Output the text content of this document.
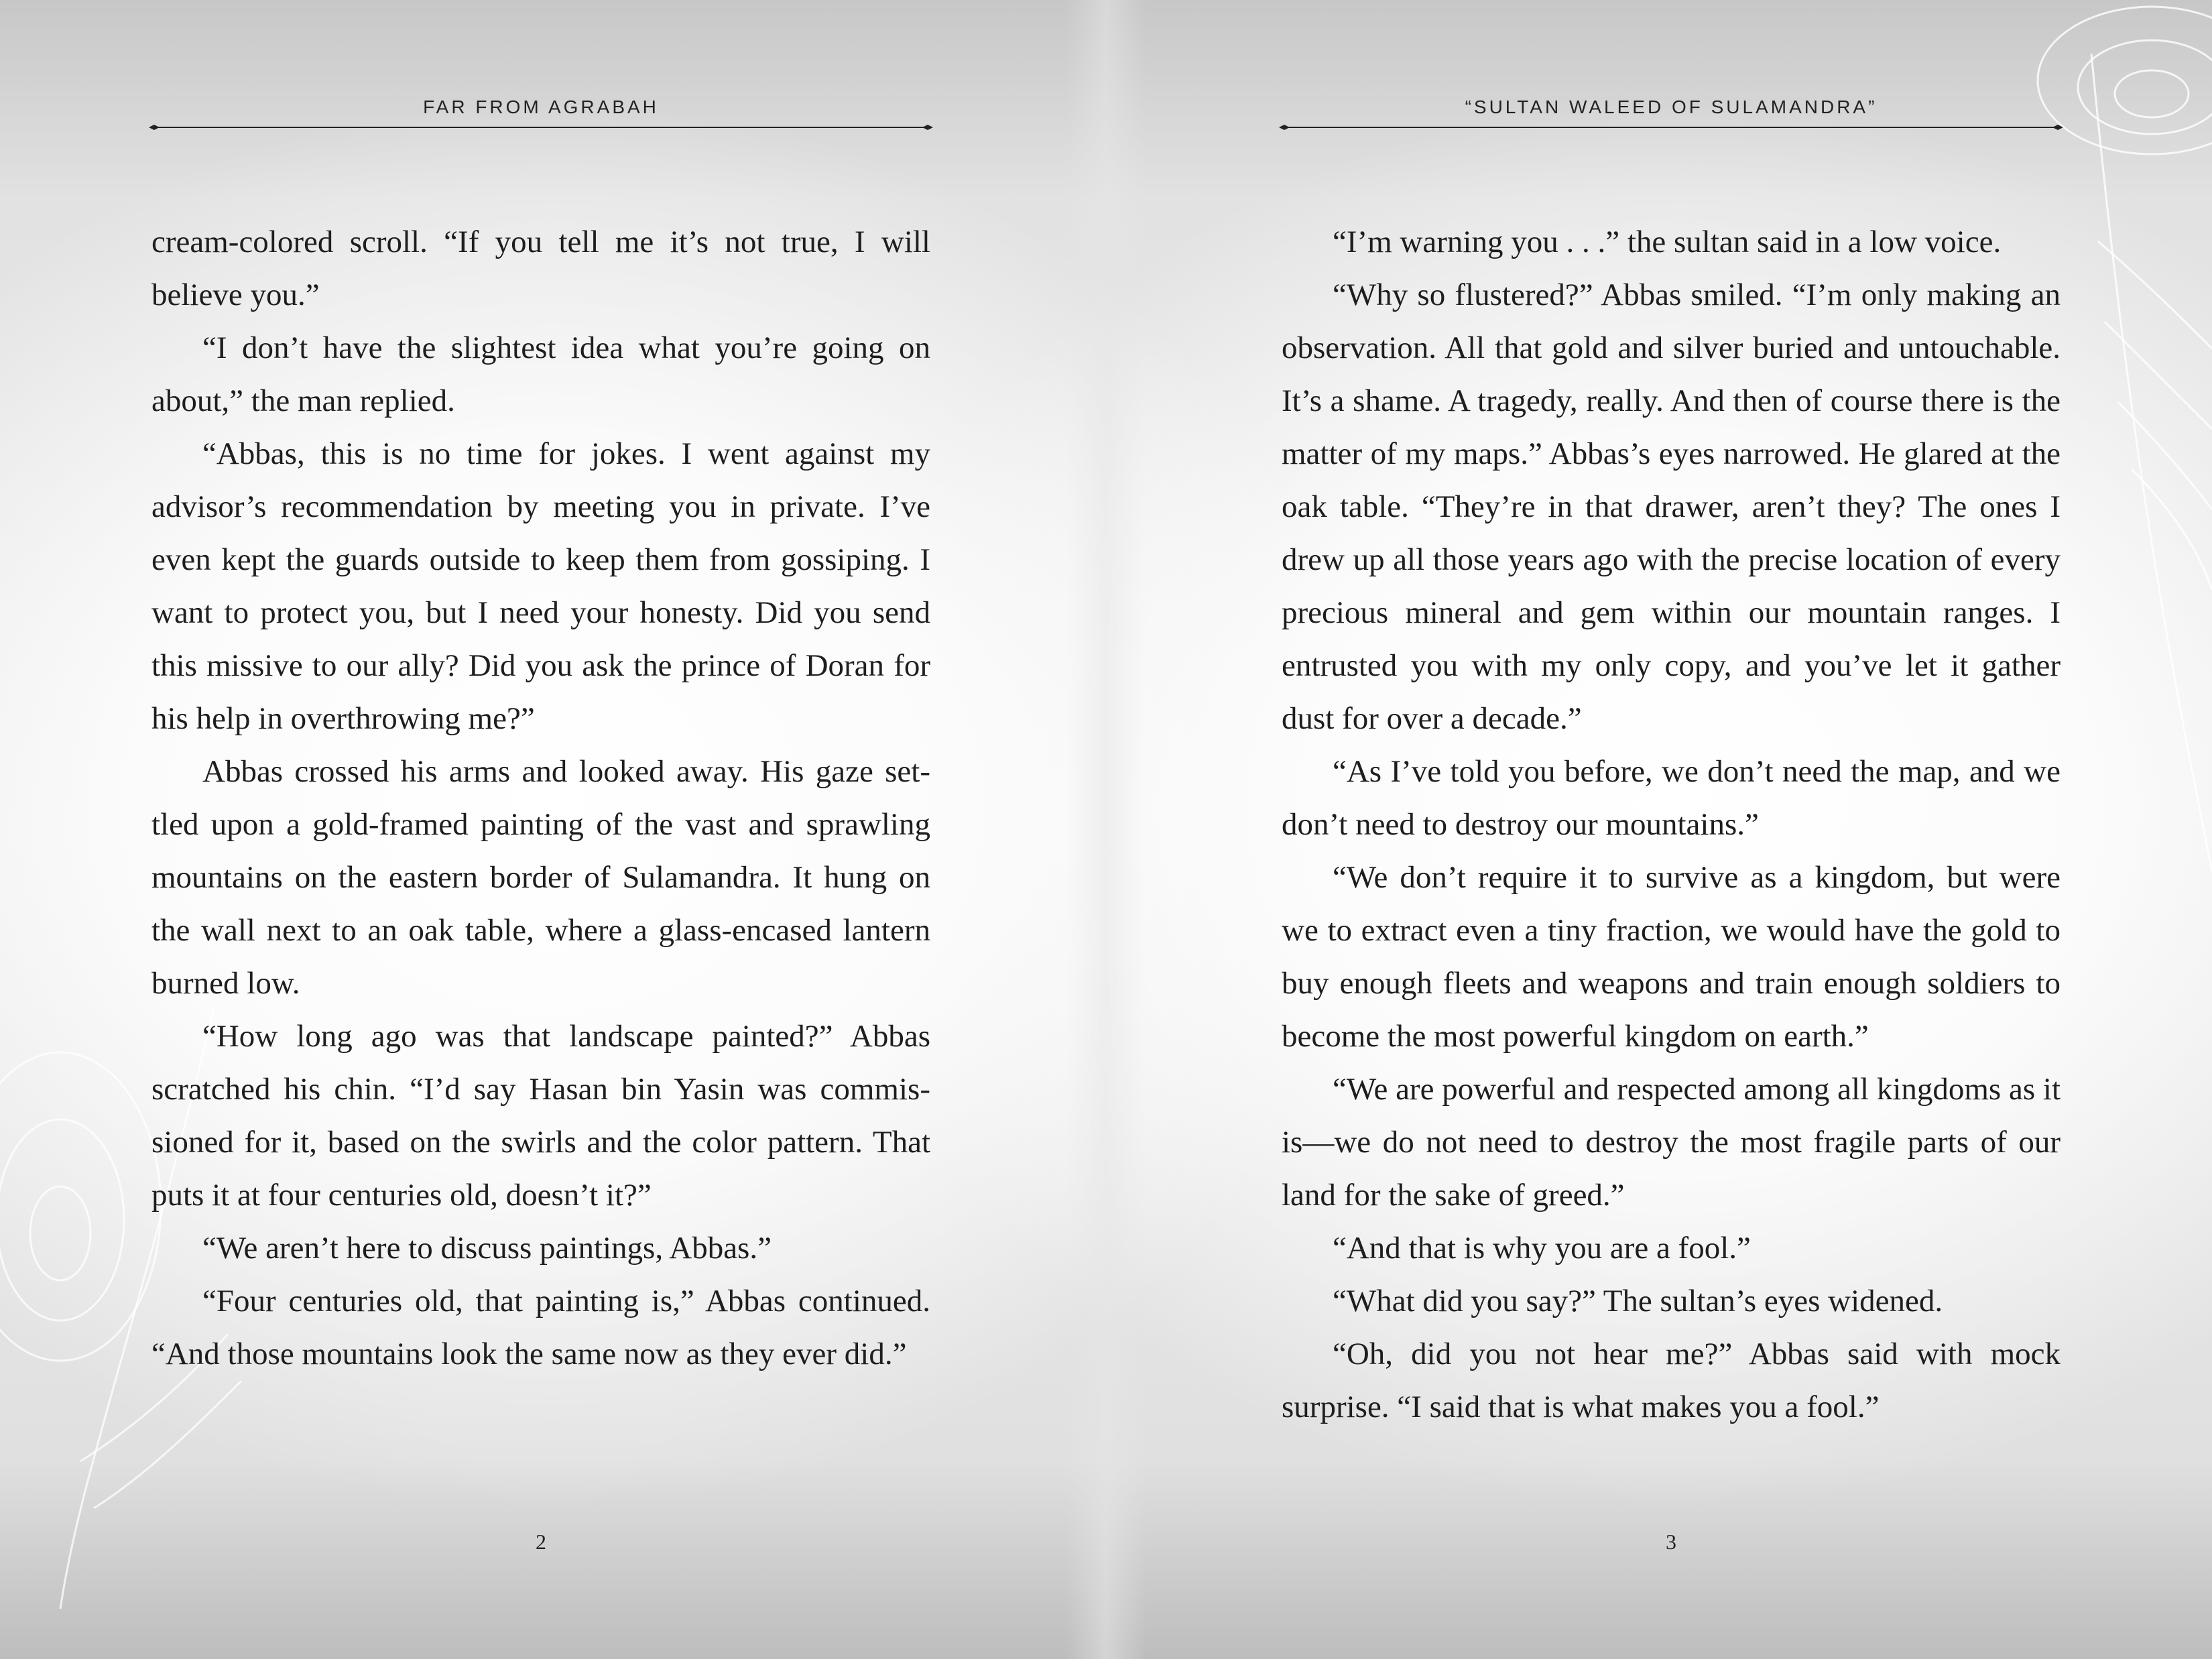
FAR FROM AGRABAH

cream-colored scroll. “If you tell me it’s not true, I will believe you.”

“I don’t have the slightest idea what you’re going on about,” the man replied.

“Abbas, this is no time for jokes. I went against my advisor’s recommendation by meeting you in private. I’ve even kept the guards outside to keep them from gossiping. I want to protect you, but I need your honesty. Did you send this missive to our ally? Did you ask the prince of Doran for his help in overthrowing me?”

Abbas crossed his arms and looked away. His gaze settled upon a gold-framed painting of the vast and sprawling mountains on the eastern border of Sulamandra. It hung on the wall next to an oak table, where a glass-encased lantern burned low.

“How long ago was that landscape painted?” Abbas scratched his chin. “I’d say Hasan bin Yasin was commissioned for it, based on the swirls and the color pattern. That puts it at four centuries old, doesn’t it?”

“We aren’t here to discuss paintings, Abbas.”

“Four centuries old, that painting is,” Abbas continued. “And those mountains look the same now as they ever did.”

2
“SULTAN WALEED OF SULAMANDRA”

“I’m warning you . . .” the sultan said in a low voice.

“Why so flustered?” Abbas smiled. “I’m only making an observation. All that gold and silver buried and untouchable. It’s a shame. A tragedy, really. And then of course there is the matter of my maps.” Abbas’s eyes narrowed. He glared at the oak table. “They’re in that drawer, aren’t they? The ones I drew up all those years ago with the precise location of every precious mineral and gem within our mountain ranges. I entrusted you with my only copy, and you’ve let it gather dust for over a decade.”

“As I’ve told you before, we don’t need the map, and we don’t need to destroy our mountains.”

“We don’t require it to survive as a kingdom, but were we to extract even a tiny fraction, we would have the gold to buy enough fleets and weapons and train enough soldiers to become the most powerful kingdom on earth.”

“We are powerful and respected among all kingdoms as it is—we do not need to destroy the most fragile parts of our land for the sake of greed.”

“And that is why you are a fool.”

“What did you say?” The sultan’s eyes widened.

“Oh, did you not hear me?” Abbas said with mock surprise. “I said that is what makes you a fool.”

3
